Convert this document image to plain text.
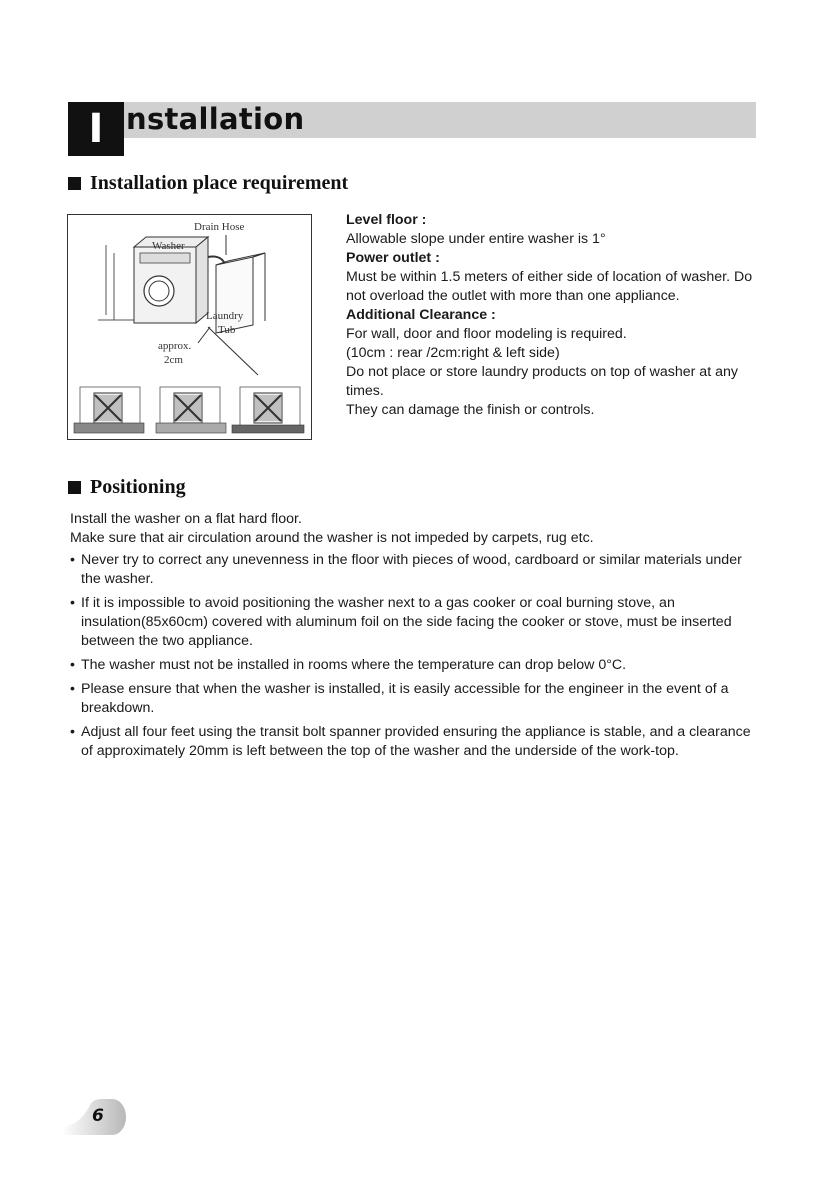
I nstallation
Installation place requirement
Drain Hose
Washer
Laundry
Tub
approx.
2cm
Level floor :
Allowable slope under entire washer is 1°
Power outlet :
Must be within 1.5 meters of either side of location of washer. Do not overload the outlet with more than one appliance.
Additional Clearance :
For wall, door and floor modeling is required.
(10cm : rear /2cm:right & left side)
Do not place or store laundry products on top of washer at any times.
They can damage the finish or controls.
Positioning
Install the washer on a flat hard floor.
Make sure that air circulation around the washer is not impeded by carpets, rug etc.
• Never try to correct any unevenness in the floor with pieces of wood, cardboard or similar materials under the washer.
• If it is impossible to avoid positioning the washer next to a gas cooker or coal burning stove, an insulation(85x60cm) covered with aluminum foil on the side facing the cooker or stove, must be inserted between the two appliance.
• The washer must not be installed in rooms where the temperature can drop below 0°C.
• Please ensure that when the washer is installed, it is easily accessible for the engineer in the event of a breakdown.
• Adjust all four feet using the transit bolt spanner provided ensuring the appliance is stable, and a clearance of approximately 20mm is left between the top of the washer and the underside of the work-top.
6
